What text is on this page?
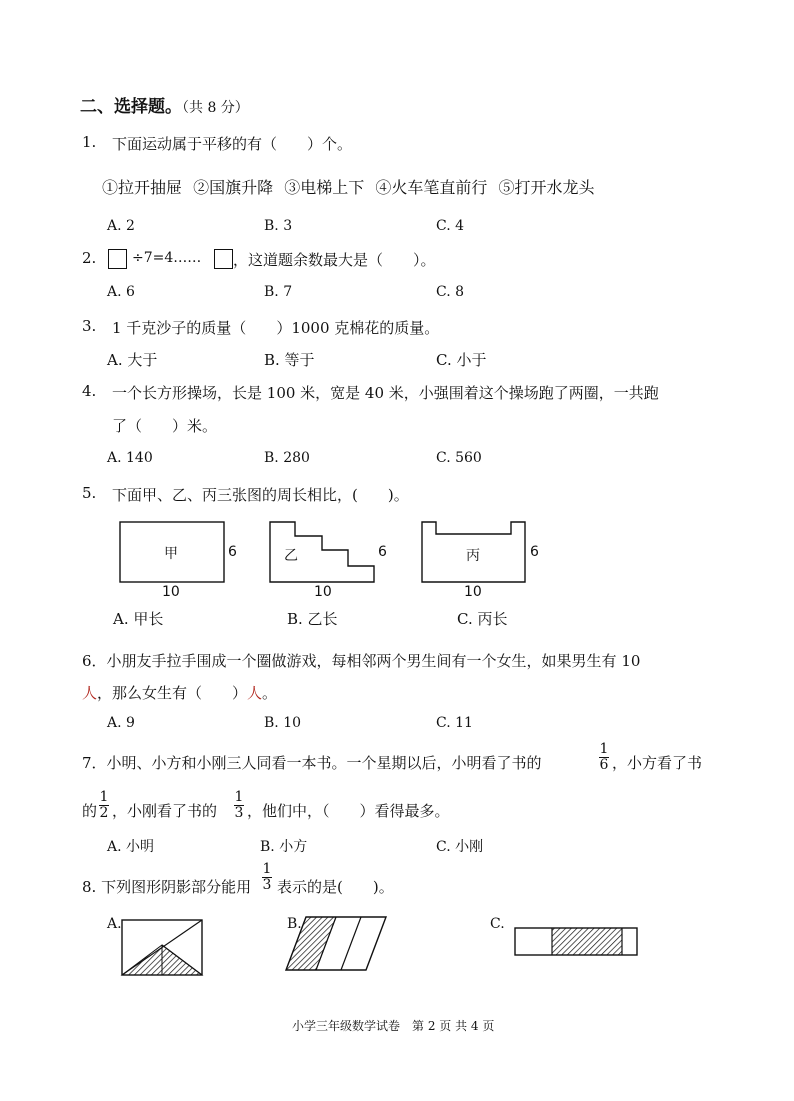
二、选择题。（共 8 分）
1. 下面运动属于平移的有（　　）个。
①拉开抽屉 ②国旗升降 ③电梯上下 ④火车笔直前行 ⑤打开水龙头
A. 2	B. 3	C. 4
2.	÷7=4…… ，这道题余数最大是（　　）。
A. 6	B. 7	C. 8
3. 1 千克沙子的质量（　　）1000 克棉花的质量。
A. 大于	B. 等于	C. 小于
4. 一个长方形操场，长是 100 米，宽是 40 米，小强围着这个操场跑了两圈，一共跑
了（　　）米。
A. 140	B. 280	C. 560
5. 下面甲、乙、丙三张图的周长相比，(　　)。
甲	6
10
乙	6
10
丙	6
10
A. 甲长	B. 乙长	C. 丙长
6．小朋友手拉手围成一个圈做游戏，每相邻两个男生间有一个女生，如果男生有 10
人，那么女生有（　　）人。
A. 9	B. 10	C. 11
7．小明、小方和小刚三人同看一本书。一个星期以后，小明看了书的
1
6 ，小方看了书
的
1
2 ，小刚看了书的
1
3 ，他们中，（　　）看得最多。
A. 小明	B. 小方	C. 小刚
8. 下列图形阴影部分能用
1
3 表示的是(　　)。
A.	B.	C.
小学三年级数学试卷　第 2 页 共 4 页
